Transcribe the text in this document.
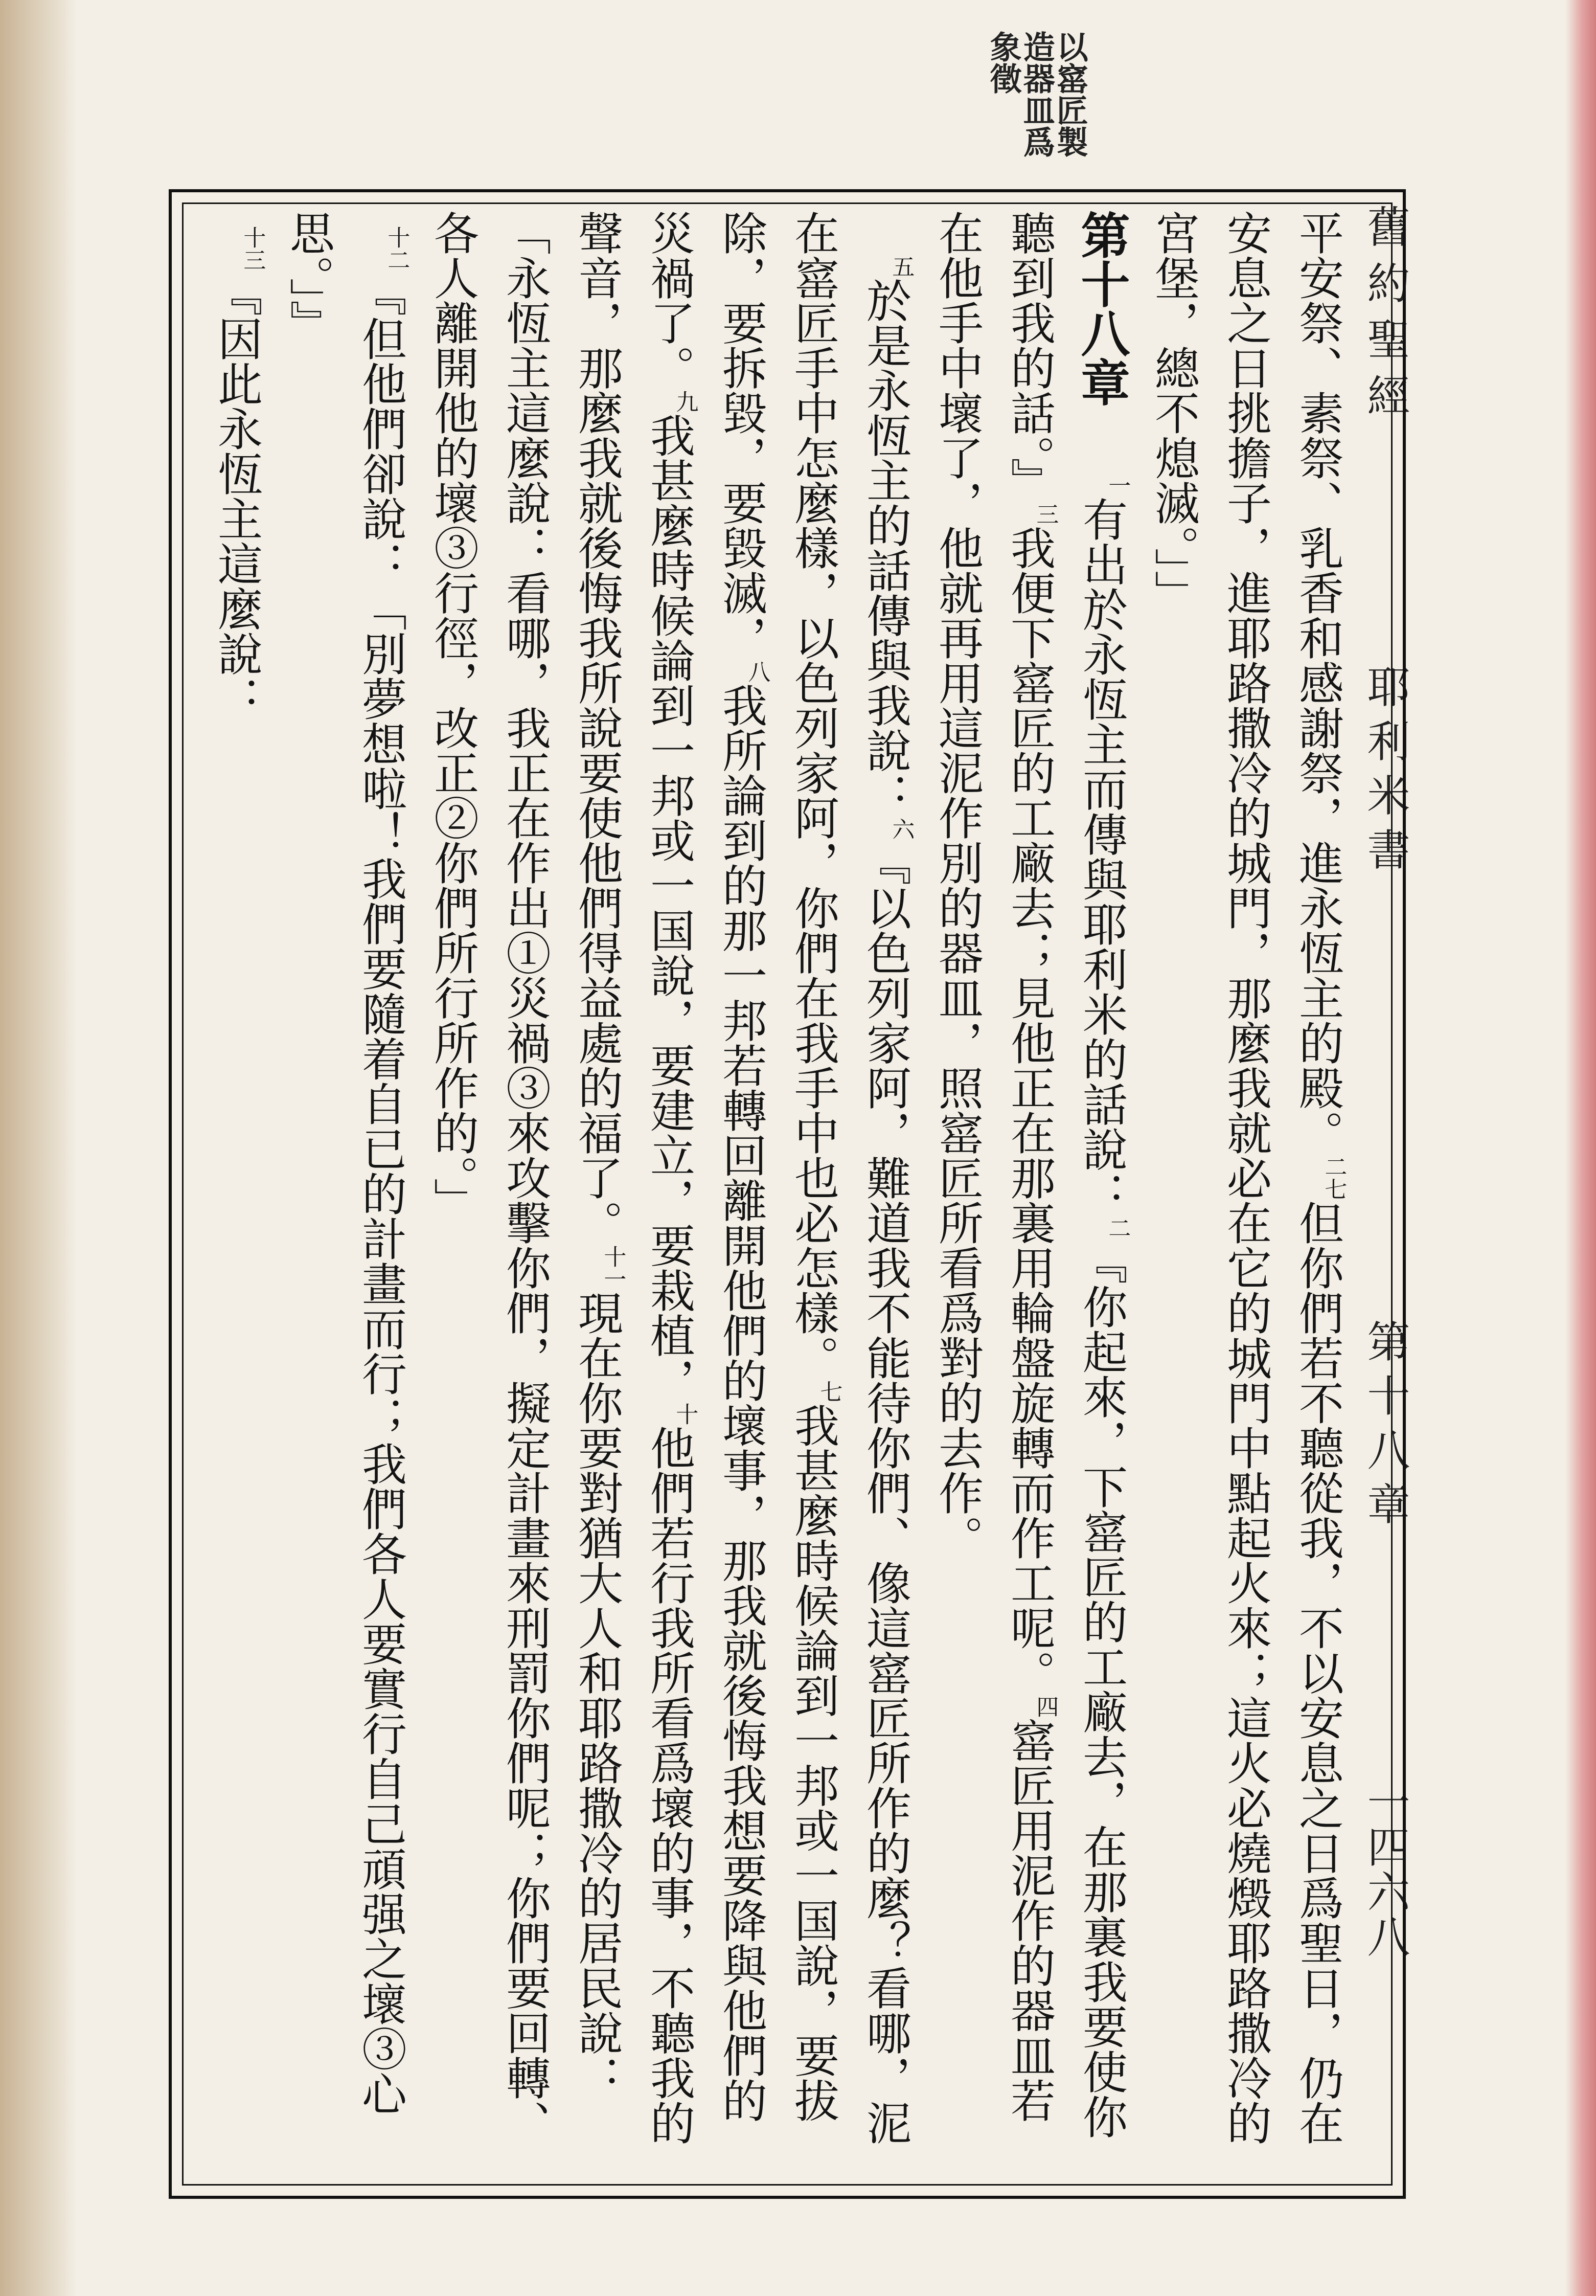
舊約聖經
耶利米書
第十八章
一四六八
以窰匠製
造器皿爲
象徵

平安祭、素祭、乳香和感謝祭，進永恆主的殿。$^{二七}$但你們若不聽從我，不以安息之日爲聖日，仍在安息之日挑擔子，進耶路撒冷的城門，那麼我就必在它的城門中點起火來；這火必燒燬耶路撒冷的宮堡，總不熄滅。」」

第十八章$^一$有出於永恆主而傳與耶利米的話說：$^二$『你起來，下窰匠的工廠去，在那裏我要使你聽到我的話。』$^三$我便下窰匠的工廠去；見他正在那裏用輪盤旋轉而作工呢。$^四$窰匠用泥作的器皿若在他手中壞了，他就再用這泥作別的器皿，照窰匠所看爲對的去作。

$^五$於是永恆主的話傳與我說：$^六$『以色列家阿，難道我不能待你們、像這窰匠所作的麼？看哪，泥在窰匠手中怎麼樣，以色列家阿，你們在我手中也必怎樣。$^七$我甚麼時候論到一邦或一国說，要拔除，要拆毀，要毀滅，$^八$我所論到的那一邦若轉回離開他們的壞事，那我就後悔我想要降與他們的災禍了。$^九$我甚麼時候論到一邦或一国說，要建立，要栽植，$^十$他們若行我所看爲壞的事，不聽我的聲音，那麼我就後悔我所說要使他們得益處的福了。$^{十一}$現在你要對猶大人和耶路撒冷的居民說：「永恆主這麼說：看哪，我正在作出①災禍③來攻擊你們，擬定計畫來刑罰你們呢；你們要回轉、各人離開他的壞③行徑，改正②你們所行所作的。」

$^{十二}$『但他們卻說：「別夢想啦！我們要隨着自已的計畫而行；我們各人要實行自己頑强之壞③心思。」』

$^{十三}$『因此永恆主這麼說：
